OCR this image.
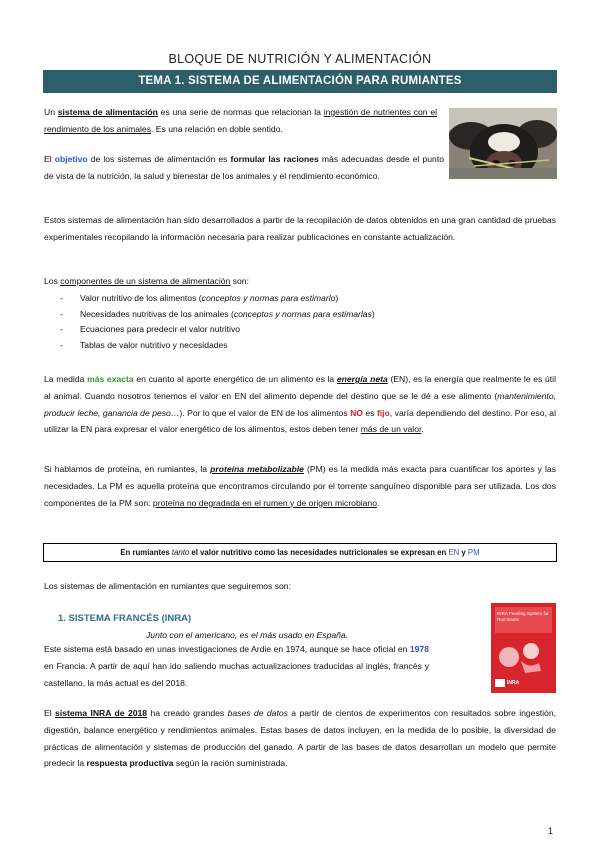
BLOQUE DE NUTRICIÓN Y ALIMENTACIÓN
TEMA 1. SISTEMA DE ALIMENTACIÓN PARA RUMIANTES

Un sistema de alimentación es una serie de normas que relacionan la ingestión de nutrientes con el rendimiento de los animales. Es una relación en doble sentido.

El objetivo de los sistemas de alimentación es formular las raciones más adecuadas desde el punto de vista de la nutrición, la salud y bienestar de los animales y el rendimiento económico.

Estos sistemas de alimentación han sido desarrollados a partir de la recopilación de datos obtenidos en una gran cantidad de pruebas experimentales recopilando la información necesaria para realizar publicaciones en constante actualización.

Los componentes de un sistema de alimentación son:

- Valor nutritivo de los alimentos (conceptos y normas para estimarlo)
- Necesidades nutritivas de los animales (conceptos y normas para estimarlas)
- Ecuaciones para predecir el valor nutritivo
- Tablas de valor nutritivo y necesidades

La medida más exacta en cuanto al aporte energético de un alimento es la energía neta (EN), es la energía que realmente le es útil al animal. Cuando nosotros tenemos el valor en EN del alimento depende del destino que se le dé a ese alimento (mantenimiento, producir leche, ganancia de peso…). Por lo que el valor de EN de los alimentos NO es fijo, varía dependiendo del destino. Por eso, al utilizar la EN para expresar el valor energético de los alimentos, estos deben tener más de un valor.

Si hablamos de proteína, en rumiantes, la proteína metabolizable (PM) es la medida más exacta para cuantificar los aportes y las necesidades. La PM es aquella proteína que encontramos circulando por el torrente sanguíneo disponible para ser utilizada. Los dos componentes de la PM son: proteína no degradada en el rumen y de origen microbiano.

En rumiantes tanto el valor nutritivo como las necesidades nutricionales se expresan en EN y PM

Los sistemas de alimentación en rumiantes que seguiremos son:

1. SISTEMA FRANCÉS (INRA)
Junto con el americano, es el más usado en España.

Este sistema está basado en unas investigaciones de Ardie en 1974, aunque se hace oficial en 1978 en Francia. A partir de aquí han ido saliendo muchas actualizaciones traducidas al inglés, francés y castellano, la más actual es del 2018.

INRA Feeding System for Ruminants
INRA

El sistema INRA de 2018 ha creado grandes bases de datos a partir de cientos de experimentos con resultados sobre ingestión, digestión, balance energético y rendimientos animales. Estas bases de datos incluyen, en la medida de lo posible, la diversidad de prácticas de alimentación y sistemas de producción del ganado. A partir de las bases de datos desarrollan un modelo que permite predecir la respuesta productiva según la ración suministrada.

1
